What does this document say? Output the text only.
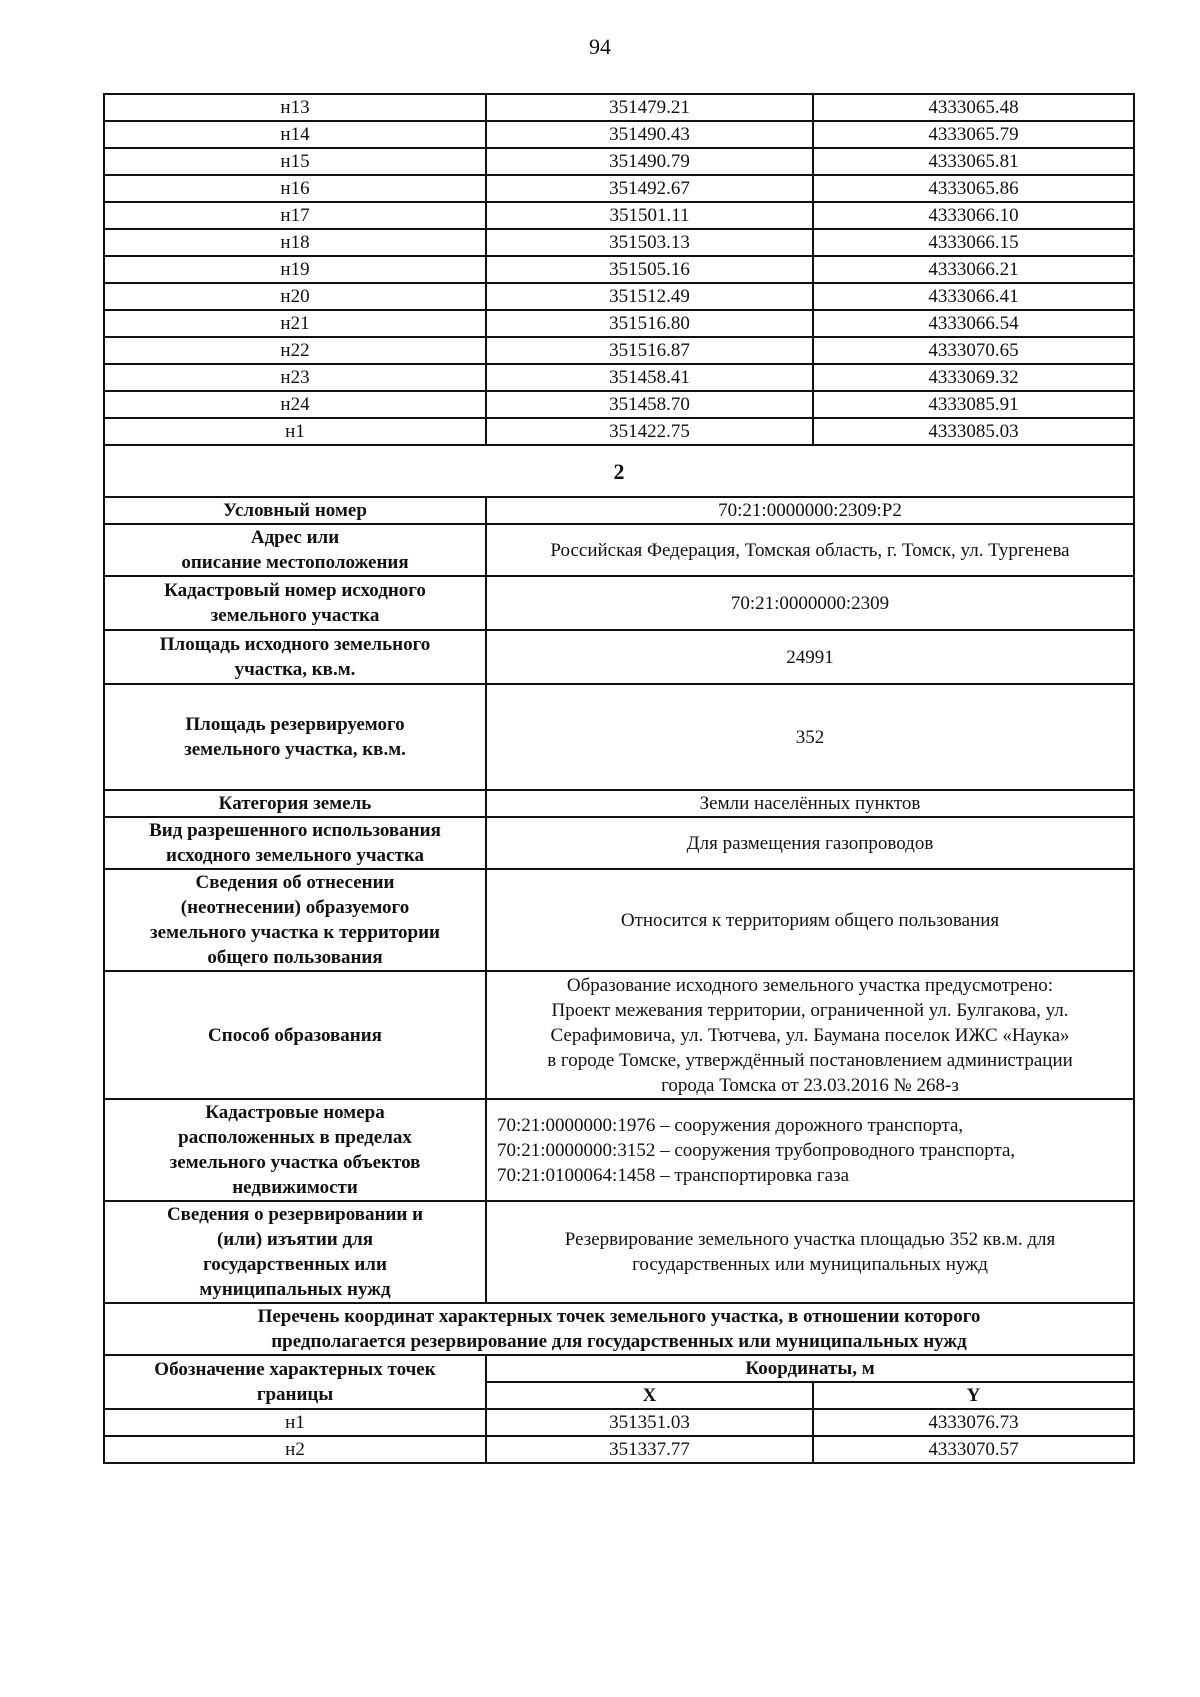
94
н13	351479.21	4333065.48
н14	351490.43	4333065.79
н15	351490.79	4333065.81
н16	351492.67	4333065.86
н17	351501.11	4333066.10
н18	351503.13	4333066.15
н19	351505.16	4333066.21
н20	351512.49	4333066.41
н21	351516.80	4333066.54
н22	351516.87	4333070.65
н23	351458.41	4333069.32
н24	351458.70	4333085.91
н1	351422.75	4333085.03
2		
Условный номер	70:21:0000000:2309:Р2	

Адрес или
описание местоположения	Российская Федерация, Томская область, г. Томск, ул. Тургенева	

Кадастровый номер исходного
земельного участка	70:21:0000000:2309	

Площадь исходного земельного
участка, кв.м.	24991	

Площадь резервируемого
земельного участка, кв.м.	352	
Категория земель	Земли населённых пунктов	

Вид разрешенного использования
исходного земельного участка	Для размещения газопроводов	

Сведения об отнесении
(неотнесении) образуемого
земельного участка к территории
общего пользования	Относится к территориям общего пользования	
Способ образования	Образование исходного земельного участка предусмотрено:
Проект межевания территории, ограниченной ул. Булгакова, ул.
Серафимовича, ул. Тютчева, ул. Баумана поселок ИЖС «Наука»
в городе Томске, утверждённый постановлением администрации
города Томска от 23.03.2016 № 268-з	

Кадастровые номера
расположенных в пределах
земельного участка объектов
недвижимости	70:21:0000000:1976 – сооружения дорожного транспорта,
70:21:0000000:3152 – сооружения трубопроводного транспорта,
70:21:0100064:1458 – транспортировка газа	

Сведения о резервировании и
(или) изъятии для
государственных или
муниципальных нужд	Резервирование земельного участка площадью 352 кв.м. для
государственных или муниципальных нужд	

Перечень координат характерных точек земельного участка, в отношении которого
предполагается резервирование для государственных или муниципальных нужд		

Обозначение характерных точек
границы	Координаты, м	
	X	Y
н1	351351.03	4333076.73
н2	351337.77	4333070.57
